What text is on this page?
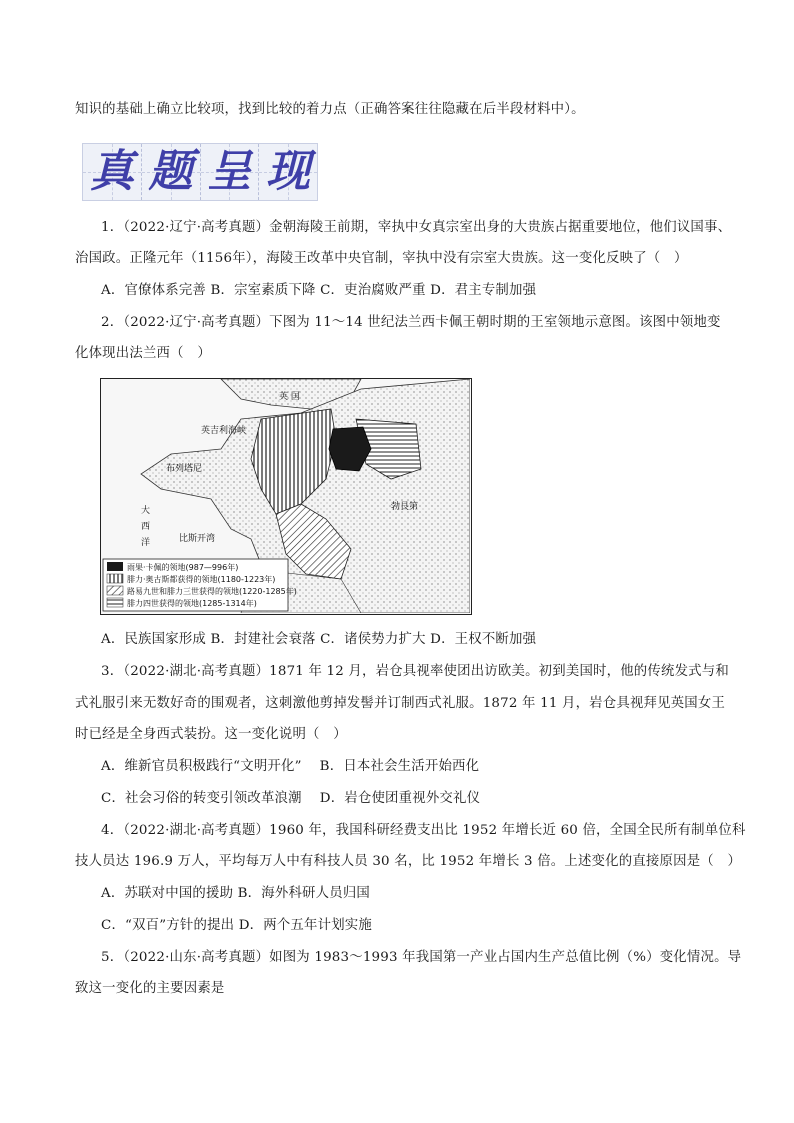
知识的基础上确立比较项，找到比较的着力点（正确答案往往隐藏在后半段材料中）。
真 题 呈 现
1．（2022·辽宁·高考真题）金朝海陵王前期，宰执中女真宗室出身的大贵族占据重要地位，他们议国事、
治国政。正隆元年（1156年），海陵王改革中央官制，宰执中没有宗室大贵族。这一变化反映了（　）
A．官僚体系完善 B．宗室素质下降 C．吏治腐败严重 D．君主专制加强
2．（2022·辽宁·高考真题）下图为 11～14 世纪法兰西卡佩王朝时期的王室领地示意图。该图中领地变
化体现出法兰西（　）
英 国
英吉利海峡
大
西
洋	比斯开湾
布列塔尼
勃艮第
雨果·卡佩的领地(987—996年)
腓力·奥古斯都获得的领地(1180-1223年)
路易九世和腓力三世获得的领地(1220-1285年)
腓力四世获得的领地(1285-1314年)
A．民族国家形成 B．封建社会衰落 C．诸侯势力扩大 D．王权不断加强
3．（2022·湖北·高考真题）1871 年 12 月，岩仓具视率使团出访欧美。初到美国时，他的传统发式与和
式礼服引来无数好奇的围观者，这刺激他剪掉发髻并订制西式礼服。1872 年 11 月，岩仓具视拜见英国女王
时已经是全身西式装扮。这一变化说明（　）
A．维新官员积极践行“文明开化”　 B．日本社会生活开始西化
C．社会习俗的转变引领改革浪潮　 D．岩仓使团重视外交礼仪
4．（2022·湖北·高考真题）1960 年，我国科研经费支出比 1952 年增长近 60 倍，全国全民所有制单位科
技人员达 196.9 万人，平均每万人中有科技人员 30 名，比 1952 年增长 3 倍。上述变化的直接原因是（　）
A．苏联对中国的援助 B．海外科研人员归国
C．“双百”方针的提出 D．两个五年计划实施
5．（2022·山东·高考真题）如图为 1983～1993 年我国第一产业占国内生产总值比例（%）变化情况。导
致这一变化的主要因素是
